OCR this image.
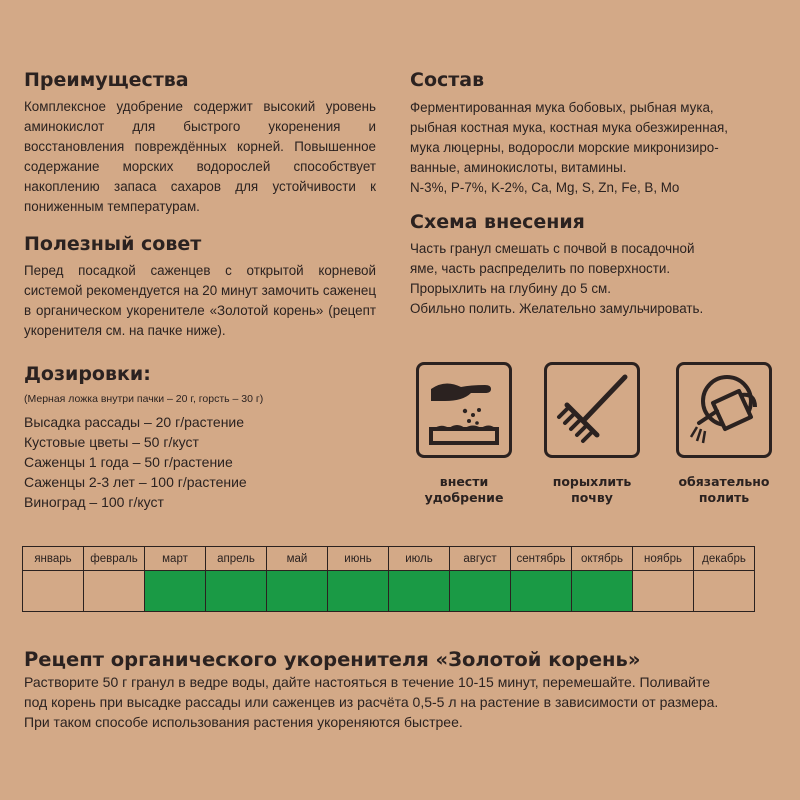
Преимущества

Комплексное удобрение содержит высокий уровень аминокислот для быстрого укоренения и восстановления повреждённых корней. Повышенное содержание морских водорослей способствует накоплению запаса сахаров для устойчивости к пониженным температурам.

Полезный совет

Перед посадкой саженцев с открытой корневой системой рекомендуется на 20 минут замочить саженец в органическом укоренителе «Золотой корень» (рецепт укоренителя см. на пачке ниже).

Дозировки:

(Мерная ложка внутри пачки – 20 г, горсть – 30 г)

Высадка рассады – 20 г/растение

Кустовые цветы – 50 г/куст

Саженцы 1 года – 50 г/растение

Саженцы 2-3 лет – 100 г/растение

Виноград – 100 г/куст

Состав

Ферментированная мука бобовых, рыбная мука,

рыбная костная мука, костная мука обезжиренная,

мука люцерны, водоросли морские микронизиро-

ванные, аминокислоты, витамины.

N-3%, P-7%, K-2%, Ca, Mg, S, Zn, Fe, B, Mo

Схема внесения

Часть гранул смешать с почвой в посадочной

яме, часть распределить по поверхности.

Прорыхлить на глубину до 5 см.

Обильно полить. Желательно замульчировать.

внести
удобрение
порыхлить
почву
обязательно
полить
январь	февраль	март	апрель	май	июнь	июль	август	сентябрь	октябрь	ноябрь	декабрь

Рецепт органического укоренителя «Золотой корень»

Растворите 50 г гранул в ведре воды, дайте настояться в течение 10-15 минут, перемешайте. Поливайте

под корень при высадке рассады или саженцев из расчёта 0,5-5 л на растение в зависимости от размера.

При таком способе использования растения укореняются быстрее.
